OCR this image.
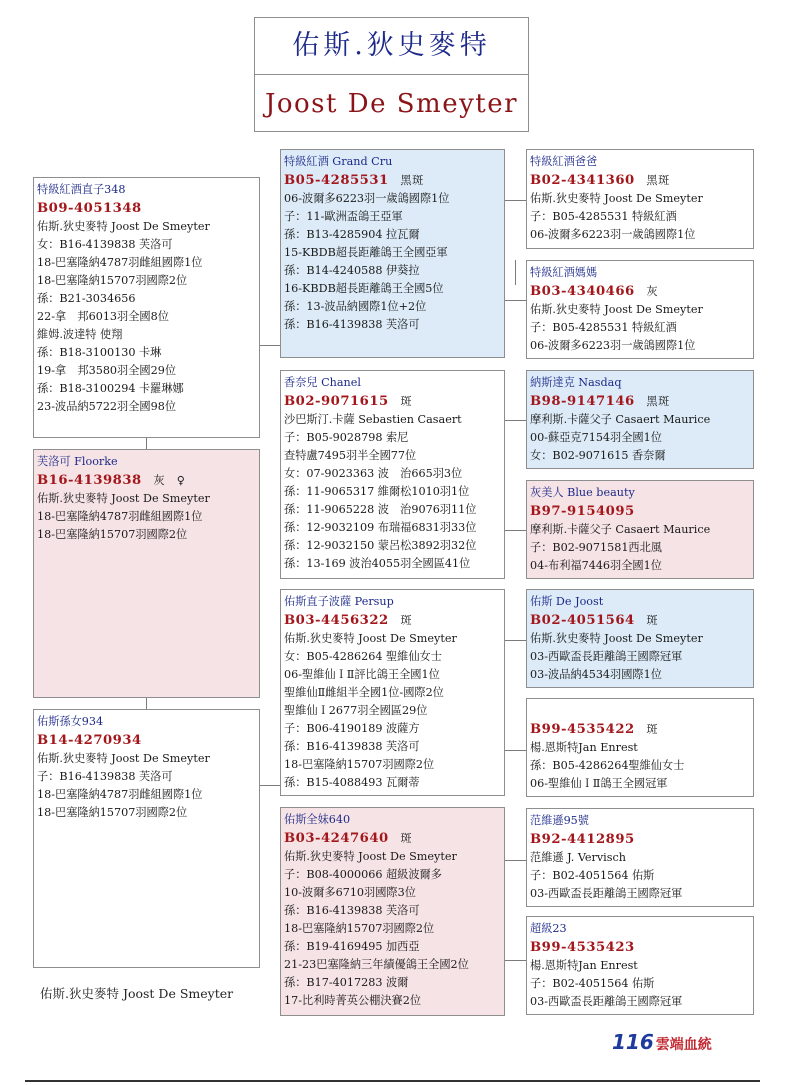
佑斯.狄史麥特
Joost De Smeyter
特級紅酒直子348
B09-4051348
佑斯.狄史麥特 Joost De Smeyter
女：B16-4139838 芙洛可
18-巴塞隆納4787羽雌組國際1位
18-巴塞隆納15707羽國際2位
孫：B21-3034656
22-拿　邦6013羽全國8位
維姆.波達特 使翔
孫：B18-3100130 卡琳
19-拿　邦3580羽全國29位
孫：B18-3100294 卡羅琳娜
23-波品納5722羽全國98位
芙洛可 Floorke
B16-4139838　灰　♀
佑斯.狄史麥特 Joost De Smeyter
18-巴塞隆納4787羽雌組國際1位
18-巴塞隆納15707羽國際2位
佑斯孫女934
B14-4270934
佑斯.狄史麥特 Joost De Smeyter
子：B16-4139838 芙洛可
18-巴塞隆納4787羽雌組國際1位
18-巴塞隆納15707羽國際2位
特級紅酒 Grand Cru
B05-4285531　黑斑
06-波爾多6223羽一歲鴿國際1位
子：11-歐洲盃鴿王亞軍
孫：B13-4285904 拉瓦爾
15-KBDB超長距離鴿王全國亞軍
孫：B14-4240588 伊葵拉
16-KBDB超長距離鴿王全國5位
孫：13-波品納國際1位+2位
孫：B16-4139838 芙洛可
香奈兒 Chanel
B02-9071615　斑
沙巴斯汀.卡薩 Sebastien Casaert
子：B05-9028798 索尼
查特盧7495羽半全國77位
女：07-9023363 波　治665羽3位
孫：11-9065317 維爾松1010羽1位
孫：11-9065228 波　治9076羽11位
孫：12-9032109 布瑞福6831羽33位
孫：12-9032150 蒙呂松3892羽32位
孫：13-169 波治4055羽全國區41位
佑斯直子波薩 Persup
B03-4456322　斑
佑斯.狄史麥特 Joost De Smeyter
女：B05-4286264 聖維仙女士
06-聖維仙ＩⅡ評比鴿王全國1位
聖維仙Ⅱ雌組半全國1位-國際2位
聖維仙Ｉ2677羽全國區29位
子：B06-4190189 波薩方
孫：B16-4139838 芙洛可
18-巴塞隆納15707羽國際2位
孫：B15-4088493 瓦爾蒂
佑斯全妹640
B03-4247640　斑
佑斯.狄史麥特 Joost De Smeyter
子：B08-4000066 超級波爾多
10-波爾多6710羽國際3位
孫：B16-4139838 芙洛可
18-巴塞隆納15707羽國際2位
孫：B19-4169495 加西亞
21-23巴塞隆納三年績優鴿王全國2位
孫：B17-4017283 波爾
17-比利時菁英公棚決賽2位
特級紅酒爸爸
B02-4341360　黑斑
佑斯.狄史麥特 Joost De Smeyter
子：B05-4285531 特級紅酒
06-波爾多6223羽一歲鴿國際1位
特級紅酒媽媽
B03-4340466　灰
佑斯.狄史麥特 Joost De Smeyter
子：B05-4285531 特級紅酒
06-波爾多6223羽一歲鴿國際1位
納斯達克 Nasdaq
B98-9147146　黑斑
摩利斯.卡薩父子 Casaert Maurice
00-蘇亞克7154羽全國1位
女：B02-9071615 香奈爾
灰美人 Blue beauty
B97-9154095
摩利斯.卡薩父子 Casaert Maurice
子：B02-9071581西北風
04-布利福7446羽全國1位
佑斯 De Joost
B02-4051564　斑
佑斯.狄史麥特 Joost De Smeyter
03-西歐盃長距離鴿王國際冠軍
03-波品納4534羽國際1位
B99-4535422　斑
楊.恩斯特Jan Enrest
孫：B05-4286264聖維仙女士
06-聖維仙ＩⅡ鴿王全國冠軍
范維遜95號
B92-4412895
范維遜 J. Vervisch
子：B02-4051564 佑斯
03-西歐盃長距離鴿王國際冠軍
超級23
B99-4535423
楊.恩斯特Jan Enrest
子：B02-4051564 佑斯
03-西歐盃長距離鴿王國際冠軍
佑斯.狄史麥特 Joost De Smeyter
116 雲端血統
